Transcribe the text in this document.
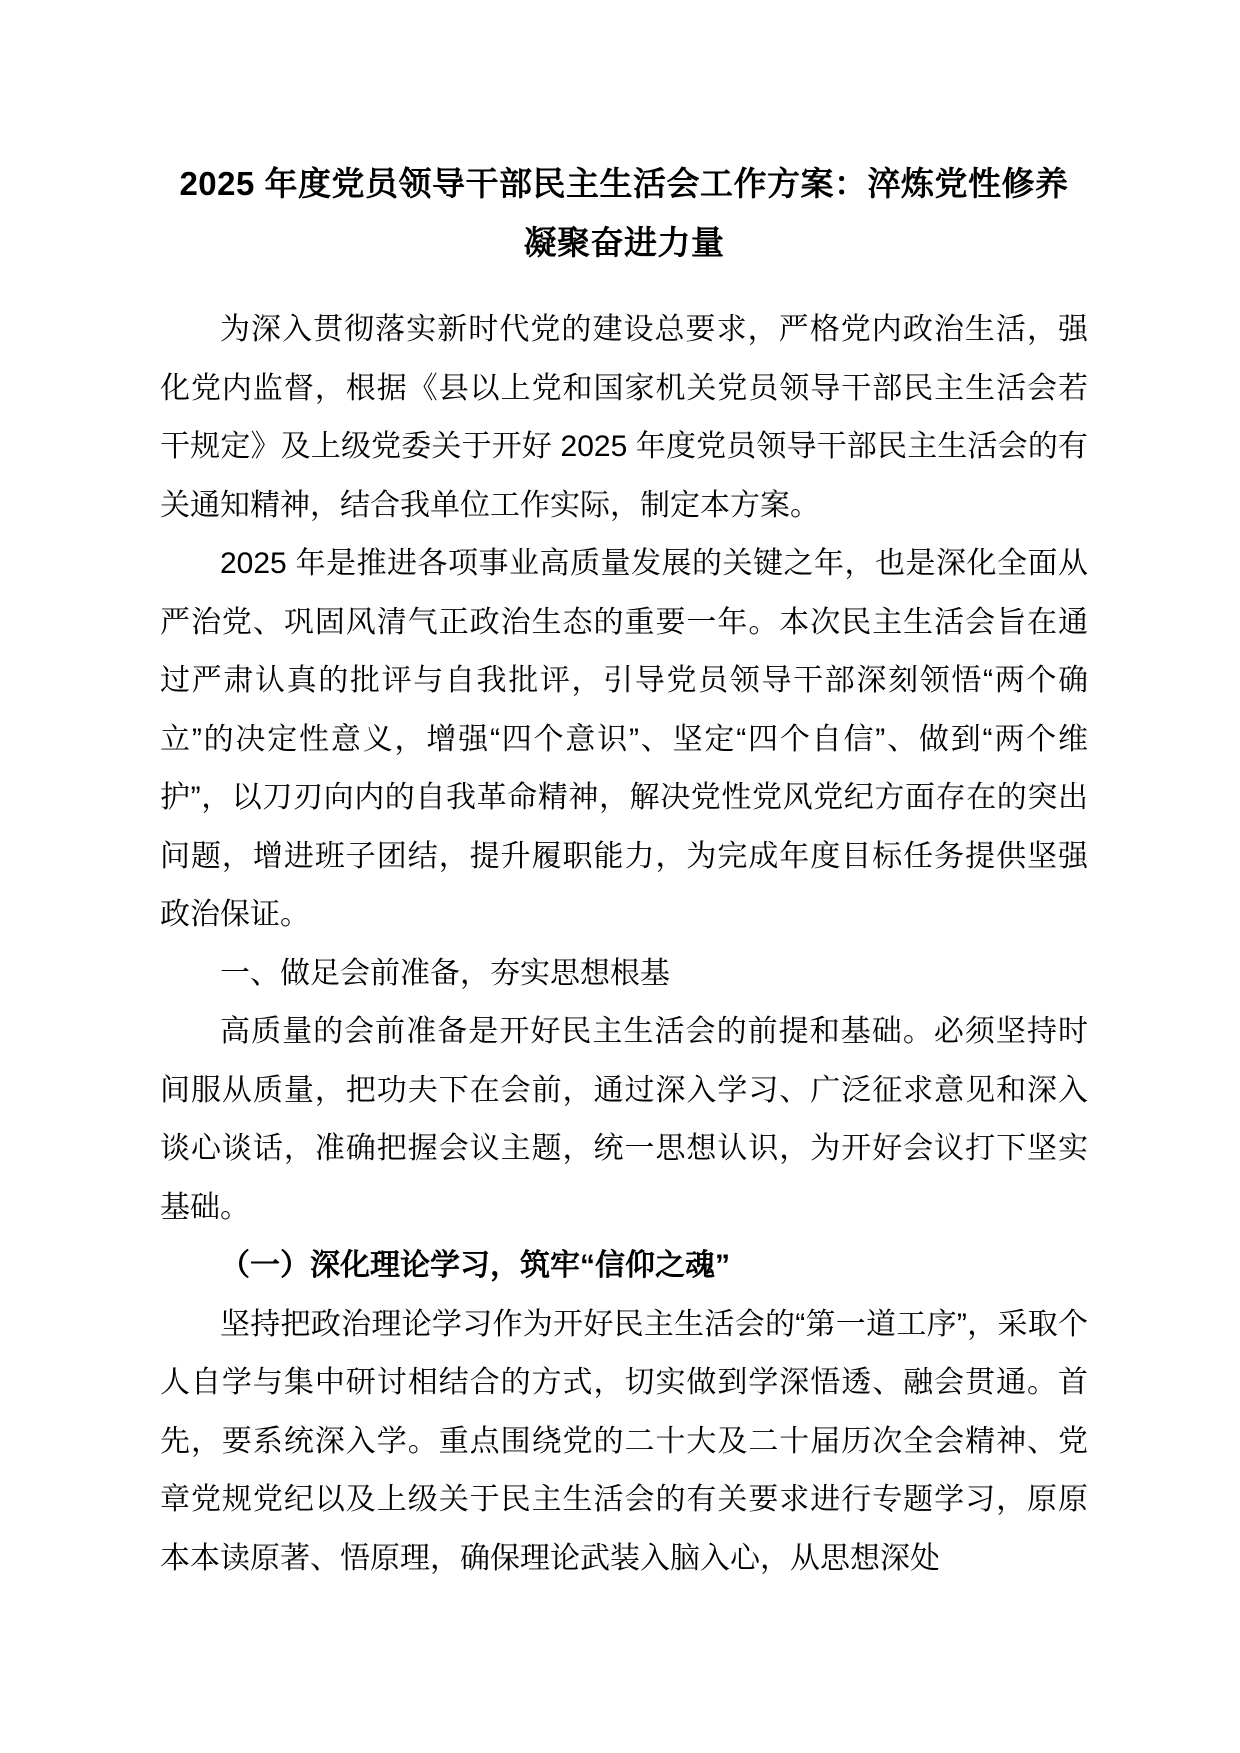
2025 年度党员领导干部民主生活会工作方案：淬炼党性修养 凝聚奋进力量

为深入贯彻落实新时代党的建设总要求，严格党内政治生活，强化党内监督，根据《县以上党和国家机关党员领导干部民主生活会若干规定》及上级党委关于开好 2025 年度党员领导干部民主生活会的有关通知精神，结合我单位工作实际，制定本方案。

2025 年是推进各项事业高质量发展的关键之年，也是深化全面从严治党、巩固风清气正政治生态的重要一年。本次民主生活会旨在通过严肃认真的批评与自我批评，引导党员领导干部深刻领悟“两个确立”的决定性意义，增强“四个意识”、坚定“四个自信”、做到“两个维护”，以刀刃向内的自我革命精神，解决党性党风党纪方面存在的突出问题，增进班子团结，提升履职能力，为完成年度目标任务提供坚强政治保证。

一、做足会前准备，夯实思想根基

高质量的会前准备是开好民主生活会的前提和基础。必须坚持时间服从质量，把功夫下在会前，通过深入学习、广泛征求意见和深入谈心谈话，准确把握会议主题，统一思想认识，为开好会议打下坚实基础。

（一）深化理论学习，筑牢“信仰之魂”

坚持把政治理论学习作为开好民主生活会的“第一道工序”，采取个人自学与集中研讨相结合的方式，切实做到学深悟透、融会贯通。首先，要系统深入学。重点围绕党的二十大及二十届历次全会精神、党章党规党纪以及上级关于民主生活会的有关要求进行专题学习，原原本本读原著、悟原理，确保理论武装入脑入心，从思想深处
